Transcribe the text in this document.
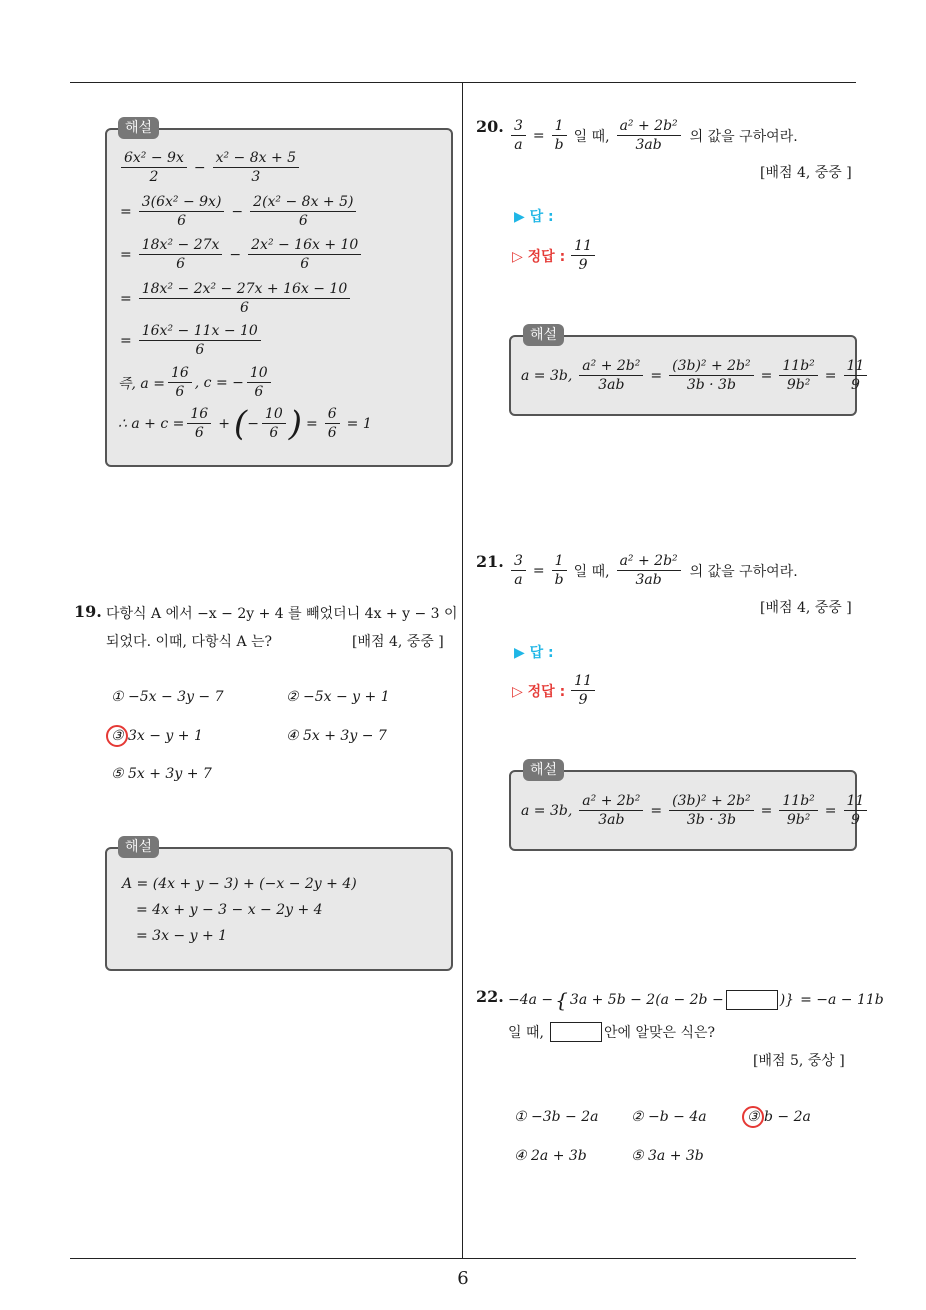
6
해설
$\frac{\text{6x² − 9x}}{2} - \frac{\text{x² − 8x + 5}}{3}$
= $\frac{\text{3(6x² − 9x)}}{6} - \frac{\text{2(x² − 8x + 5)}}{6}$
= $\frac{\text{18x² − 27x}}{6} - \frac{\text{2x² − 16x + 10}}{6}$
= $\frac{\text{18x² − 2x² − 27x + 16x − 10}}{6}$
= $\frac{\text{16x² − 11x − 10}}{6}$
즉, $a = \frac{16}{6}$ , c = − $\frac{10}{6}$
∴ $a + c = \frac{16}{6}$ + ( − $\frac{10}{6}$ ) = $\frac{6}{6} = 1$
19. 다항식 A 에서 −x − 2y + 4 를 빼었더니 4x + y − 3 이
되었다. 이때, 다항식 A 는?	[배점 4, 중중 ]
① −5x − 3y − 7	② −5x − y + 1
③ 3x − y + 1	④ 5x + 3y − 7
⑤ 5x + 3y + 7
해설
A = (4x + y − 3) + (−x − 2y + 4)
= 4x + y − 3 − x − 2y + 4
= 3x − y + 1
20. $\frac{3}{a} = \frac{1}{b}$ 일 때, $\frac{\text{a² + 2b²}}{3ab}$ 의 값을 구하여라.
[배점 4, 중중 ]
▶ 답 :
▷ 정답 : $\frac{11}{9}$
해설
a = 3b, $\frac{\text{a² + 2b²}}{3ab} = \frac{\text{(3b)² + 2b²}}{3b \cdot 3b} = \frac{\text{11b²}}{\text{9b²}} = \frac{11}{9}$
21. $\frac{3}{a} = \frac{1}{b}$ 일 때, $\frac{\text{a² + 2b²}}{3ab}$ 의 값을 구하여라.
[배점 4, 중중 ]
▶ 답 :
▷ 정답 : $\frac{11}{9}$
해설
a = 3b, $\frac{\text{a² + 2b²}}{3ab} = \frac{\text{(3b)² + 2b²}}{3b \cdot 3b} = \frac{\text{11b²}}{\text{9b²}} = \frac{11}{9}$
22. −4a − { 3a + 5b − 2(a − 2b −	)} = −a − 11b
일 때,	안에 알맞은 식은?
[배점 5, 중상 ]
① −3b − 2a ② −b − 4a	③ b − 2a
④ 2a + 3b	⑤ 3a + 3b
